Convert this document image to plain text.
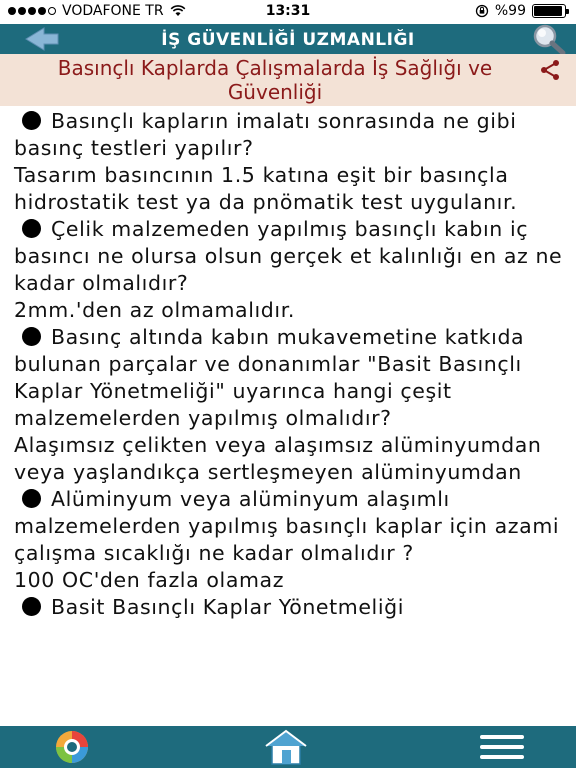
VODAFONE TR	13:31	%99
İŞ GÜVENLİĞİ UZMANLIĞI
Basınçlı Kaplarda Çalışmalarda İş Sağlığı ve Güvenliği
Basınçlı kapların imalatı sonrasında ne gibi basınç testleri yapılır?
Tasarım basıncının 1.5 katına eşit bir basınçla hidrostatik test ya da pnömatik test uygulanır.
Çelik malzemeden yapılmış basınçlı kabın iç basıncı ne olursa olsun gerçek et kalınlığı en az ne kadar olmalıdır?
2mm.'den az olmamalıdır.
Basınç altında kabın mukavemetine katkıda bulunan parçalar ve donanımlar "Basit Basınçlı Kaplar Yönetmeliği" uyarınca hangi çeşit malzemelerden yapılmış olmalıdır?
Alaşımsız çelikten veya alaşımsız alüminyumdan veya yaşlandıkça sertleşmeyen alüminyumdan
Alüminyum veya alüminyum alaşımlı malzemelerden yapılmış basınçlı kaplar için azami çalışma sıcaklığı ne kadar olmalıdır ?
100 OC'den fazla olamaz
Basit Basınçlı Kaplar Yönetmeliği
